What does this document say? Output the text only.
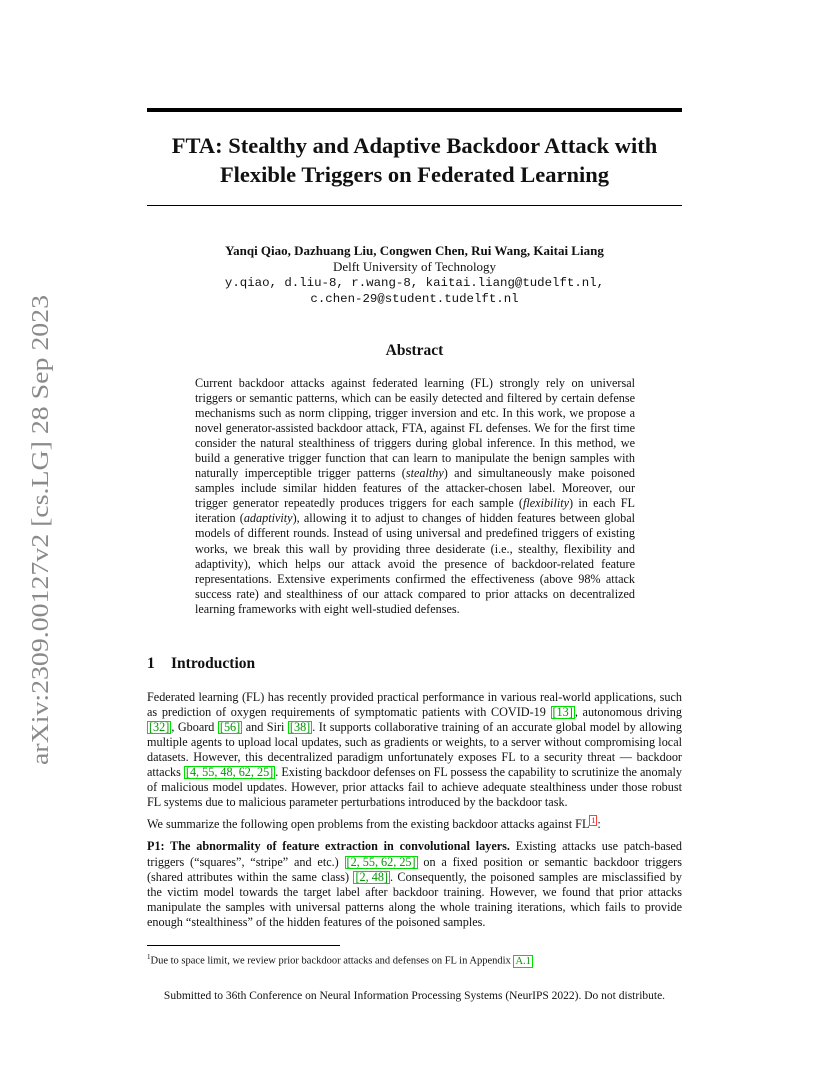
arXiv:2309.00127v2 [cs.LG] 28 Sep 2023
FTA: Stealthy and Adaptive Backdoor Attack with
Flexible Triggers on Federated Learning
Yanqi Qiao, Dazhuang Liu, Congwen Chen, Rui Wang, Kaitai Liang
Delft University of Technology
y.qiao, d.liu-8, r.wang-8, kaitai.liang@tudelft.nl,
c.chen-29@student.tudelft.nl
Abstract

Current backdoor attacks against federated learning (FL) strongly rely on universal triggers or semantic patterns, which can be easily detected and filtered by certain defense mechanisms such as norm clipping, trigger inversion and etc. In this work, we propose a novel generator-assisted backdoor attack, FTA, against FL defenses. We for the first time consider the natural stealthiness of triggers during global inference. In this method, we build a generative trigger function that can learn to manipulate the benign samples with naturally imperceptible trigger patterns (stealthy) and simultaneously make poisoned samples include similar hidden features of the attacker-chosen label. Moreover, our trigger generator repeatedly produces triggers for each sample (flexibility) in each FL iteration (adaptivity), allowing it to adjust to changes of hidden features between global models of different rounds. Instead of using universal and predefined triggers of existing works, we break this wall by providing three desiderate (i.e., stealthy, flexibility and adaptivity), which helps our attack avoid the presence of backdoor-related feature representations. Extensive experiments confirmed the effectiveness (above 98% attack success rate) and stealthiness of our attack compared to prior attacks on decentralized learning frameworks with eight well-studied defenses.

1 Introduction

Federated learning (FL) has recently provided practical performance in various real-world applications, such as prediction of oxygen requirements of symptomatic patients with COVID-19 [13] , autonomous driving [32] , Gboard [56] and Siri [38] . It supports collaborative training of an accurate global model by allowing multiple agents to upload local updates, such as gradients or weights, to a server without compromising local datasets. However, this decentralized paradigm unfortunately exposes FL to a security threat — backdoor attacks [4, 55, 48, 62, 25] . Existing backdoor defenses on FL possess the capability to scrutinize the anomaly of malicious model updates. However, prior attacks fail to achieve adequate stealthiness under those robust FL systems due to malicious parameter perturbations introduced by the backdoor task.

We summarize the following open problems from the existing backdoor attacks against FL $^1$ :

P1: The abnormality of feature extraction in convolutional layers. Existing attacks use patch-based triggers (“squares”, “stripe” and etc.) [2, 55, 62, 25] on a fixed position or semantic backdoor triggers (shared attributes within the same class) [2, 48] . Consequently, the poisoned samples are misclassified by the victim model towards the target label after backdoor training. However, we found that prior attacks manipulate the samples with universal patterns along the whole training iterations, which fails to provide enough “stealthiness” of the hidden features of the poisoned samples.

$^1$Due to space limit, we review prior backdoor attacks and defenses on FL in Appendix A.1

Submitted to 36th Conference on Neural Information Processing Systems (NeurIPS 2022). Do not distribute.
